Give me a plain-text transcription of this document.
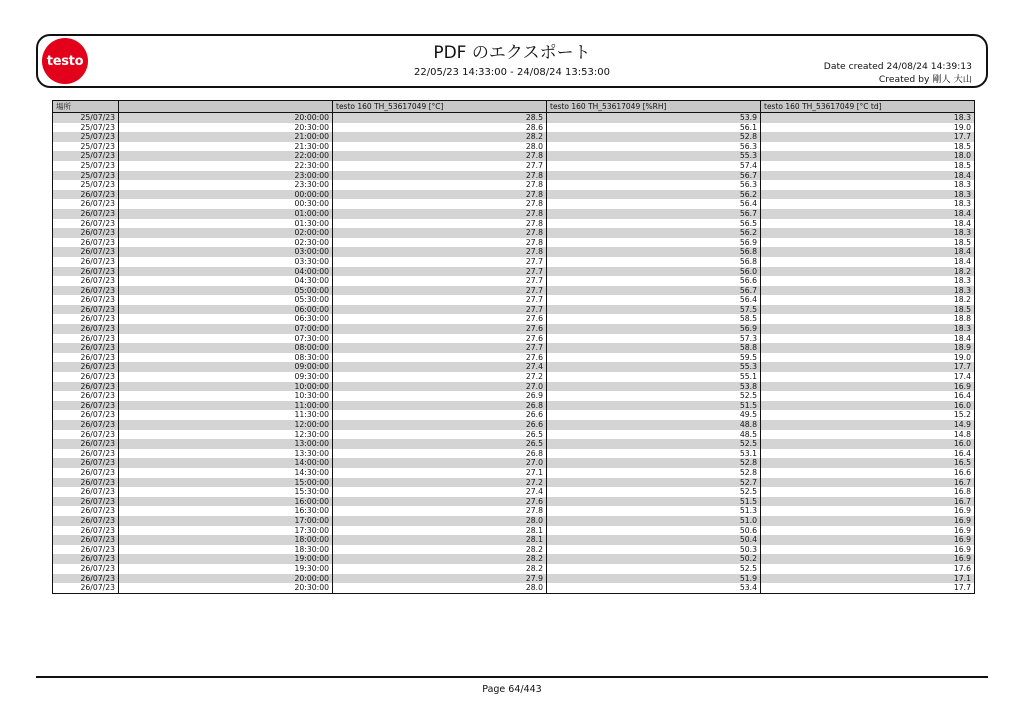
testo	PDF のエクスポート
22/05/23 14:33:00 - 24/08/24 13:53:00
Date created 24/08/24 14:39:13
Created by 剛人 大山
場所		testo 160 TH_53617049 [°C]	testo 160 TH_53617049 [%RH]	testo 160 TH_53617049 [°C td]
25/07/23	20:00:00	28.5	53.9	18.3
25/07/23	20:30:00	28.6	56.1	19.0
25/07/23	21:00:00	28.2	52.8	17.7
25/07/23	21:30:00	28.0	56.3	18.5
25/07/23	22:00:00	27.8	55.3	18.0
25/07/23	22:30:00	27.7	57.4	18.5
25/07/23	23:00:00	27.8	56.7	18.4
25/07/23	23:30:00	27.8	56.3	18.3
26/07/23	00:00:00	27.8	56.2	18.3
26/07/23	00:30:00	27.8	56.4	18.3
26/07/23	01:00:00	27.8	56.7	18.4
26/07/23	01:30:00	27.8	56.5	18.4
26/07/23	02:00:00	27.8	56.2	18.3
26/07/23	02:30:00	27.8	56.9	18.5
26/07/23	03:00:00	27.8	56.8	18.4
26/07/23	03:30:00	27.7	56.8	18.4
26/07/23	04:00:00	27.7	56.0	18.2
26/07/23	04:30:00	27.7	56.6	18.3
26/07/23	05:00:00	27.7	56.7	18.3
26/07/23	05:30:00	27.7	56.4	18.2
26/07/23	06:00:00	27.7	57.5	18.5
26/07/23	06:30:00	27.6	58.5	18.8
26/07/23	07:00:00	27.6	56.9	18.3
26/07/23	07:30:00	27.6	57.3	18.4
26/07/23	08:00:00	27.7	58.8	18.9
26/07/23	08:30:00	27.6	59.5	19.0
26/07/23	09:00:00	27.4	55.3	17.7
26/07/23	09:30:00	27.2	55.1	17.4
26/07/23	10:00:00	27.0	53.8	16.9
26/07/23	10:30:00	26.9	52.5	16.4
26/07/23	11:00:00	26.8	51.5	16.0
26/07/23	11:30:00	26.6	49.5	15.2
26/07/23	12:00:00	26.6	48.8	14.9
26/07/23	12:30:00	26.5	48.5	14.8
26/07/23	13:00:00	26.5	52.5	16.0
26/07/23	13:30:00	26.8	53.1	16.4
26/07/23	14:00:00	27.0	52.8	16.5
26/07/23	14:30:00	27.1	52.8	16.6
26/07/23	15:00:00	27.2	52.7	16.7
26/07/23	15:30:00	27.4	52.5	16.8
26/07/23	16:00:00	27.6	51.5	16.7
26/07/23	16:30:00	27.8	51.3	16.9
26/07/23	17:00:00	28.0	51.0	16.9
26/07/23	17:30:00	28.1	50.6	16.9
26/07/23	18:00:00	28.1	50.4	16.9
26/07/23	18:30:00	28.2	50.3	16.9
26/07/23	19:00:00	28.2	50.2	16.9
26/07/23	19:30:00	28.2	52.5	17.6
26/07/23	20:00:00	27.9	51.9	17.1
26/07/23	20:30:00	28.0	53.4	17.7
Page 64/443
